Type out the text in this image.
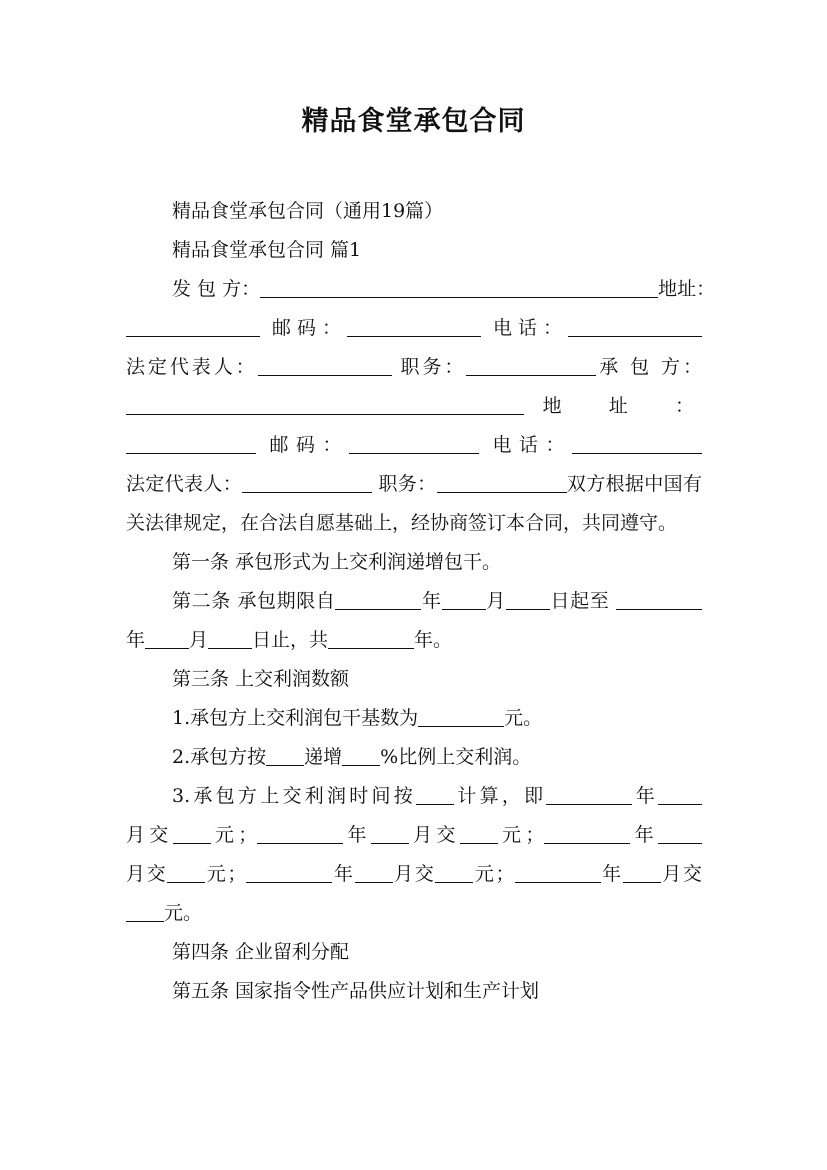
精品食堂承包合同

精品食堂承包合同（通用19篇）

精品食堂承包合同 篇1

发 包 方：	地址：  邮码：	电话： 法定代表人：	职务：	承 包 方：  地 址 ：  邮码：	电话： 法定代表人：	职务：	双方根据中国有关法律规定，在合法自愿基础上，经协商签订本合同，共同遵守。

第一条 承包形式为上交利润递增包干。

第二条 承包期限自	年 月 日起至 年 月 日止，共	年。

第三条 上交利润数额

1.承包方上交利润包干基数为	元。

2.承包方按 递增 %比例上交利润。

3.承包方上交利润时间按 计算，即	年 月交 元；	年 月交 元；	年 月交 元；	年 月交 元；	年 月交 元。

第四条 企业留利分配

第五条 国家指令性产品供应计划和生产计划
